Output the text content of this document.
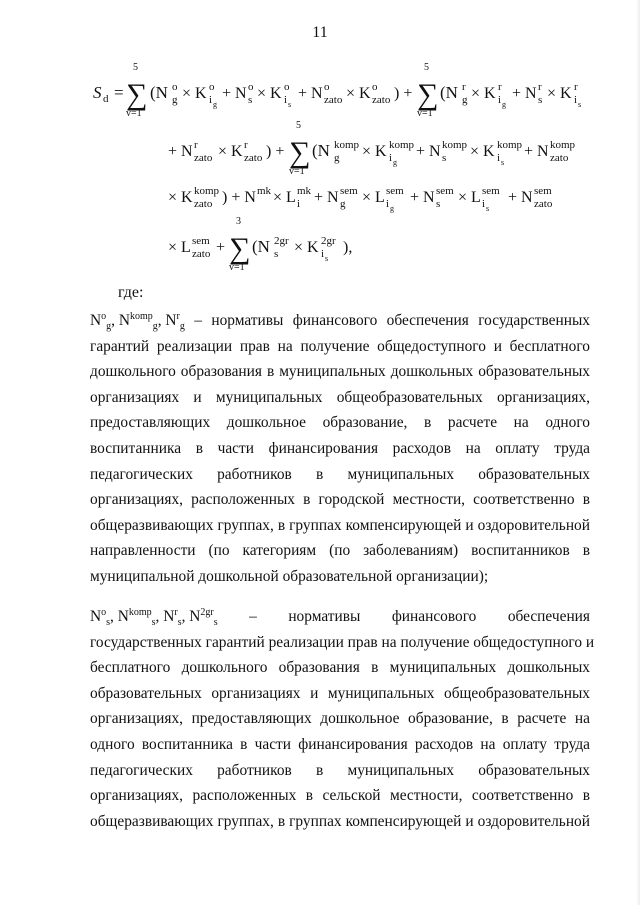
11
S d = ∑
5
v=1
(N o
g × K o
i g
+ N o
s × K o
i s
+ N o
zato × K o
zato ) + ∑
5
v=1
(N r
g × K r
i g
+ N r
s × K r
i s
+ N r
zato × K r
zato ) + ∑
5
v=1
(N komp
g × K komp
i g
+ N komp
s × K komp
i s
+ N komp
zato
× K komp
zato ) + N mk × L mk
i + N sem
g × L sem
i g
+ N sem
s × L sem
i s
+ N sem
zato
× L sem
zato + ∑
3
v=1
(N 2gr
s × K 2gr
i s
),
где:
$N^o_g$, $N^{komp}_g$, $N^r_g$ – нормативы финансового обеспечения государственных
гарантий реализации прав на получение общедоступного и бесплатного
дошкольного образования в муниципальных дошкольных образовательных
организациях и муниципальных общеобразовательных организациях,
предоставляющих дошкольное образование, в расчете на одного
воспитанника в части финансирования расходов на оплату труда
педагогических работников в муниципальных образовательных
организациях, расположенных в городской местности, соответственно в
общеразвивающих группах, в группах компенсирующей и оздоровительной
направленности (по категориям (по заболеваниям) воспитанников в
муниципальной дошкольной образовательной организации);
$N^o_s$, $N^{komp}_s$, $N^r_s$, $N^{2gr}_s$ – нормативы финансового обеспечения
государственных гарантий реализации прав на получение общедоступного и
бесплатного дошкольного образования в муниципальных дошкольных
образовательных организациях и муниципальных общеобразовательных
организациях, предоставляющих дошкольное образование, в расчете на
одного воспитанника в части финансирования расходов на оплату труда
педагогических работников в муниципальных образовательных
организациях, расположенных в сельской местности, соответственно в
общеразвивающих группах, в группах компенсирующей и оздоровительной
